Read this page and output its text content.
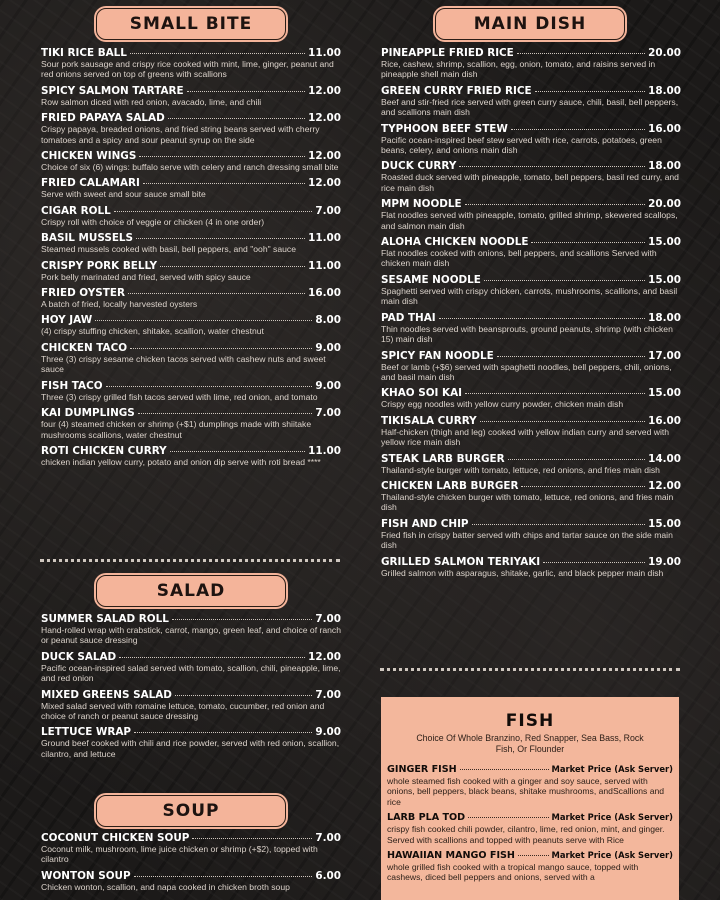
SMALL BITE
TIKI RICE BALL	11.00
Sour pork sausage and crispy rice cooked with mint, lime, ginger, peanut and red onions served on top of greens with scallions
SPICY SALMON TARTARE	12.00
Row salmon diced with red onion, avacado, lime, and chili
FRIED PAPAYA SALAD	12.00
Crispy papaya, breaded onions, and fried string beans served with cherry tomatoes and a spicy and sour peanut syrup on the side
CHICKEN WINGS	12.00
Choice of six (6) wings: buffalo serve with celery and ranch dressing small bite
FRIED CALAMARI	12.00
Serve with sweet and sour sauce small bite
CIGAR ROLL	7.00
Crispy roll with choice of veggie or chicken (4 in one order)
BASIL MUSSELS	11.00
Steamed mussels cooked with basil, bell peppers, and "ooh" sauce
CRISPY PORK BELLY	11.00
Pork belly marinated and fried, served with spicy sauce
FRIED OYSTER	16.00
A batch of fried, locally harvested oysters
HOY JAW	8.00
(4) crispy stuffing chicken, shitake, scallion, water chestnut
CHICKEN TACO	9.00
Three (3) crispy sesame chicken tacos served with cashew nuts and sweet sauce
FISH TACO	9.00
Three (3) crispy grilled fish tacos served with lime, red onion, and tomato
KAI DUMPLINGS	7.00
four (4) steamed chicken or shrimp (+$1) dumplings made with shiitake mushrooms scallions, water chestnut
ROTI CHICKEN CURRY	11.00
chicken indian yellow curry, potato and onion dip serve with roti bread ****
SALAD
SUMMER SALAD ROLL	7.00
Hand-rolled wrap with crabstick, carrot, mango, green leaf, and choice of ranch or peanut sauce dressing
DUCK SALAD	12.00
Pacific ocean-inspired salad served with tomato, scallion, chili, pineapple, lime, and red onion
MIXED GREENS SALAD	7.00
Mixed salad served with romaine lettuce, tomato, cucumber, red onion and choice of ranch or peanut sauce dressing
LETTUCE WRAP	9.00
Ground beef cooked with chili and rice powder, served with red onion, scallion, cilantro, and lettuce
SOUP
COCONUT CHICKEN SOUP	7.00
Coconut milk, mushroom, lime juice chicken or shrimp (+$2), topped with cilantro
WONTON SOUP	6.00
Chicken wonton, scallion, and napa cooked in chicken broth soup
MAIN DISH
PINEAPPLE FRIED RICE	20.00
Rice, cashew, shrimp, scallion, egg, onion, tomato, and raisins served in pineapple shell main dish
GREEN CURRY FRIED RICE	18.00
Beef and stir-fried rice served with green curry sauce, chili, basil, bell peppers, and scallions main dish
TYPHOON BEEF STEW	16.00
Pacific ocean-inspired beef stew served with rice, carrots, potatoes, green beans, celery, and onions main dish
DUCK CURRY	18.00
Roasted duck served with pineapple, tomato, bell peppers, basil red curry, and rice main dish
MPM NOODLE	20.00
Flat noodles served with pineapple, tomato, grilled shrimp, skewered scallops, and salmon main dish
ALOHA CHICKEN NOODLE	15.00
Flat noodles cooked with onions, bell peppers, and scallions Served with chicken main dish
SESAME NOODLE	15.00
Spaghetti served with crispy chicken, carrots, mushrooms, scallions, and basil main dish
PAD THAI	18.00
Thin noodles served with beansprouts, ground peanuts, shrimp (with chicken 15) main dish
SPICY FAN NOODLE	17.00
Beef or lamb (+$6) served with spaghetti noodles, bell peppers, chili, onions, and basil main dish
KHAO SOI KAI	15.00
Crispy egg noodles with yellow curry powder, chicken main dish
TIKISALA CURRY	16.00
Half-chicken (thigh and leg) cooked with yellow indian curry and served with yellow rice main dish
STEAK LARB BURGER	14.00
Thailand-style burger with tomato, lettuce, red onions, and fries main dish
CHICKEN LARB BURGER	12.00
Thailand-style chicken burger with tomato, lettuce, red onions, and fries main dish
FISH AND CHIP	15.00
Fried fish in crispy batter served with chips and tartar sauce on the side main dish
GRILLED SALMON TERIYAKI	19.00
Grilled salmon with asparagus, shitake, garlic, and black pepper main dish
FISH
Choice Of Whole Branzino, Red Snapper, Sea Bass, Rock Fish, Or Flounder
GINGER FISH	Market Price (Ask Server)
whole steamed fish cooked with a ginger and soy sauce, served with onions, bell peppers, black beans, shitake mushrooms, andScallions and rice
LARB PLA TOD	Market Price (Ask Server)
crispy fish cooked chili powder, cilantro, lime, red onion, mint, and ginger. Served with scallions and topped with peanuts serve with Rice
HAWAIIAN MANGO FISH	Market Price (Ask Server)
whole grilled fish cooked with a tropical mango sauce, topped with cashews, diced bell peppers and onions, served with a
